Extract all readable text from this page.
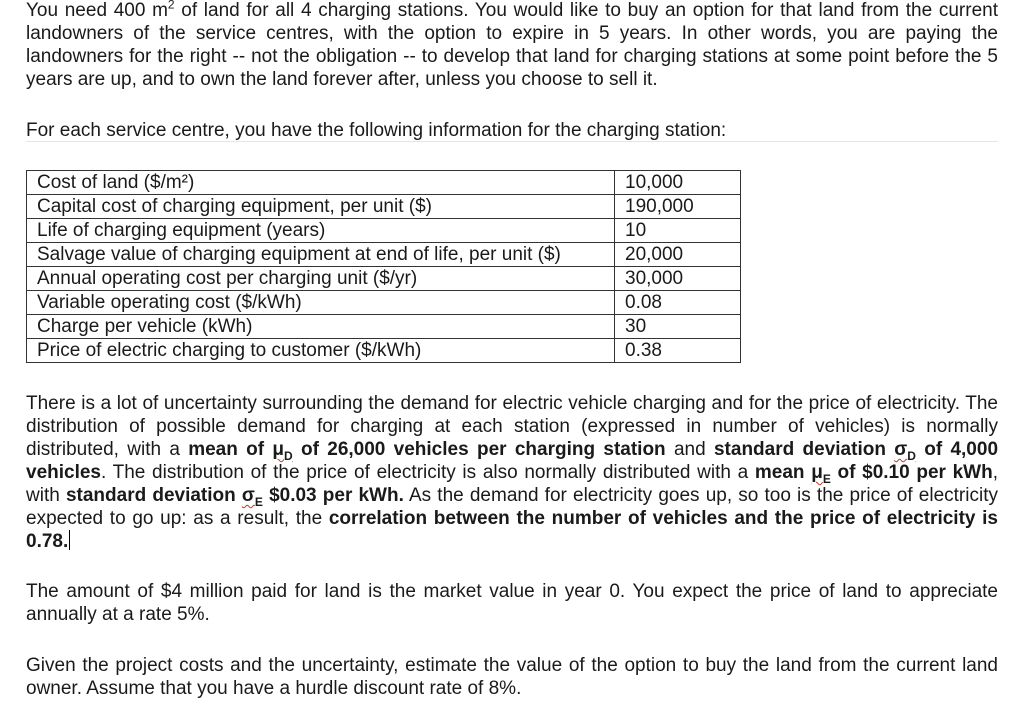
You need 400 $m^2$ of land for all 4 charging stations. You would like to buy an option for that land from the current landowners of the service centres, with the option to expire in 5 years. In other words, you are paying the landowners for the right -- not the obligation -- to develop that land for charging stations at some point before the 5 years are up, and to own the land forever after, unless you choose to sell it.

For each service centre, you have the following information for the charging station:

Cost of land ($/m²)	10,000
Capital cost of charging equipment, per unit ($)	190,000
Life of charging equipment (years)	10
Salvage value of charging equipment at end of life, per unit ($)	20,000
Annual operating cost per charging unit ($/yr)	30,000
Variable operating cost ($/kWh)	0.08
Charge per vehicle (kWh)	30
Price of electric charging to customer ($/kWh)	0.38

There is a lot of uncertainty surrounding the demand for electric vehicle charging and for the price of electricity. The distribution of possible demand for charging at each station (expressed in number of vehicles) is normally distributed, with a mean of $\mu_D$ of 26,000 vehicles per charging station and standard deviation $\sigma_D$ of 4,000 vehicles. The distribution of the price of electricity is also normally distributed with a mean $\mu_E$ of $0.10 per kWh, with standard deviation $\sigma_E$ $0.03 per kWh. As the demand for electricity goes up, so too is the price of electricity expected to go up: as a result, the correlation between the number of vehicles and the price of electricity is 0.78.

The amount of $4 million paid for land is the market value in year 0. You expect the price of land to appreciate annually at a rate 5%.

Given the project costs and the uncertainty, estimate the value of the option to buy the land from the current land owner. Assume that you have a hurdle discount rate of 8%.
